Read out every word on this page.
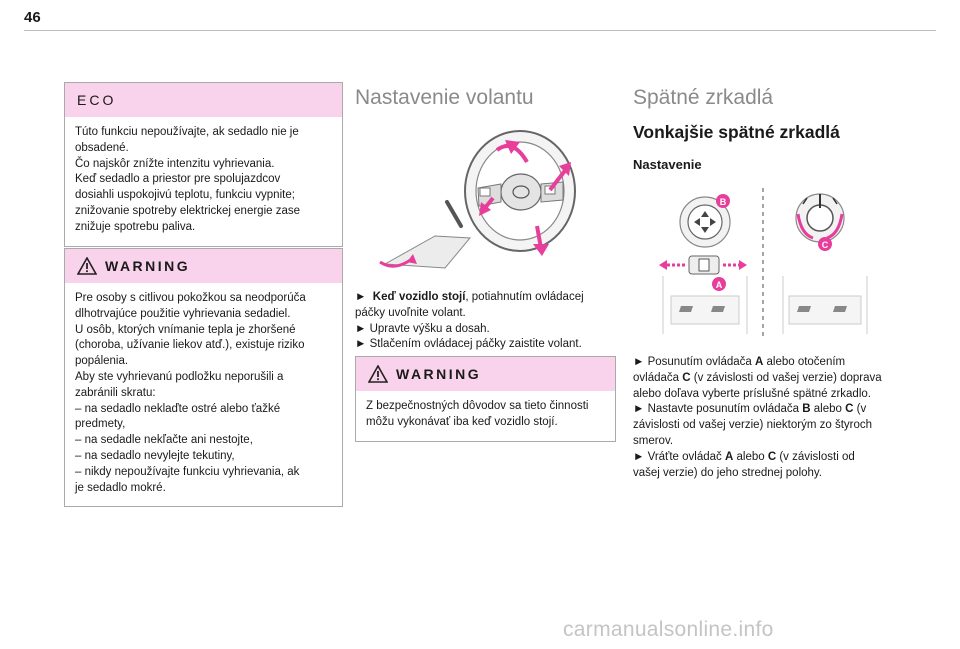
46
ECO
Túto funkciu nepoužívajte, ak sedadlo nie je
obsadené.
Čo najskôr znížte intenzitu vyhrievania.
Keď sedadlo a priestor pre spolujazdcov
dosiahli uspokojivú teplotu, funkciu vypnite;
znižovanie spotreby elektrickej energie zase
znižuje spotrebu paliva.
WARNING
Pre osoby s citlivou pokožkou sa neodporúča
dlhotrvajúce použitie vyhrievania sedadiel.
U osôb, ktorých vnímanie tepla je zhoršené
(choroba, užívanie liekov atď.), existuje riziko
popálenia.
Aby ste vyhrievanú podložku neporušili a
zabránili skratu:
– na sedadlo neklaďte ostré alebo ťažké
predmety,
– na sedadle nekľačte ani nestojte,
– na sedadlo nevylejte tekutiny,
– nikdy nepoužívajte funkciu vyhrievania, ak
je sedadlo mokré.
Nastavenie volantu
► Keď vozidlo stojí, potiahnutím ovládacej
páčky uvoľnite volant.
► Upravte výšku a dosah.
► Stlačením ovládacej páčky zaistite volant.
WARNING
Z bezpečnostných dôvodov sa tieto činnosti
môžu vykonávať iba keď vozidlo stojí.
Spätné zrkadlá
Vonkajšie spätné zrkadlá
Nastavenie
B
A
C
► Posunutím ovládača A alebo otočením
ovládača C (v závislosti od vašej verzie) doprava
alebo doľava vyberte príslušné spätné zrkadlo.
► Nastavte posunutím ovládača B alebo C (v
závislosti od vašej verzie) niektorým zo štyroch
smerov.
► Vráťte ovládač A alebo C (v závislosti od
vašej verzie) do jeho strednej polohy.
carmanualsonline.info
